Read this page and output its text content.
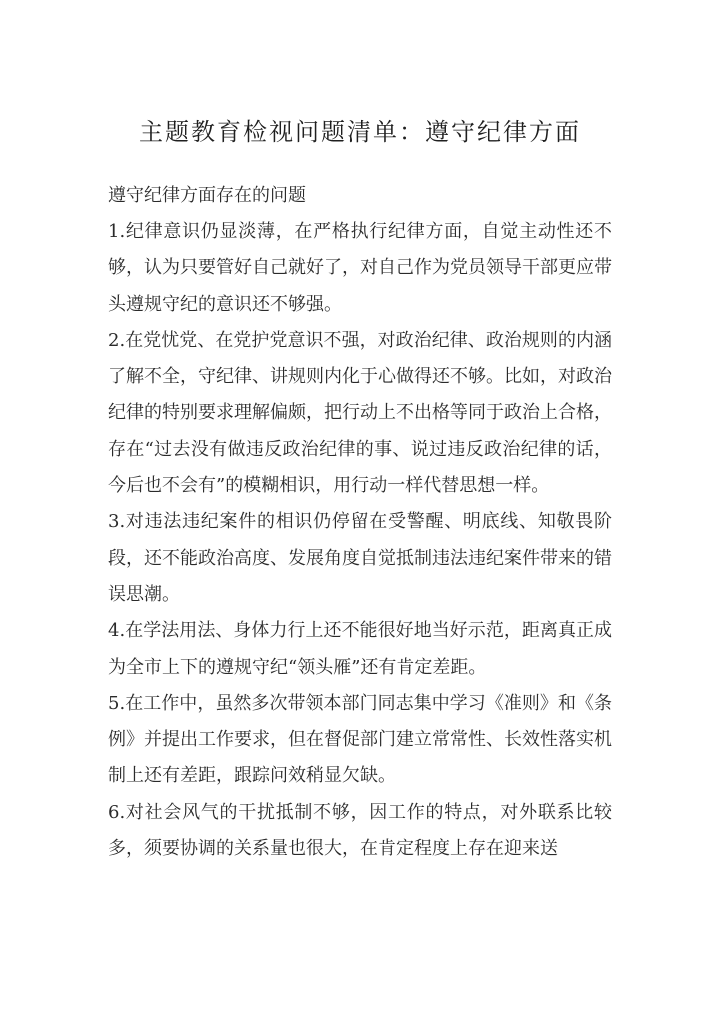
主题教育检视问题清单：遵守纪律方面

遵守纪律方面存在的问题

1.纪律意识仍显淡薄，在严格执行纪律方面，自觉主动性还不够，认为只要管好自己就好了，对自己作为党员领导干部更应带头遵规守纪的意识还不够强。

2.在党忧党、在党护党意识不强，对政治纪律、政治规则的内涵了解不全，守纪律、讲规则内化于心做得还不够。比如，对政治纪律的特别要求理解偏颇，把行动上不出格等同于政治上合格，存在“过去没有做违反政治纪律的事、说过违反政治纪律的话，今后也不会有”的模糊相识，用行动一样代替思想一样。

3.对违法违纪案件的相识仍停留在受警醒、明底线、知敬畏阶段，还不能政治高度、发展角度自觉抵制违法违纪案件带来的错误思潮。

4.在学法用法、身体力行上还不能很好地当好示范，距离真正成为全市上下的遵规守纪“领头雁”还有肯定差距。

5.在工作中，虽然多次带领本部门同志集中学习《准则》和《条例》并提出工作要求，但在督促部门建立常常性、长效性落实机制上还有差距，跟踪问效稍显欠缺。

6.对社会风气的干扰抵制不够，因工作的特点，对外联系比较多，须要协调的关系量也很大，在肯定程度上存在迎来送
